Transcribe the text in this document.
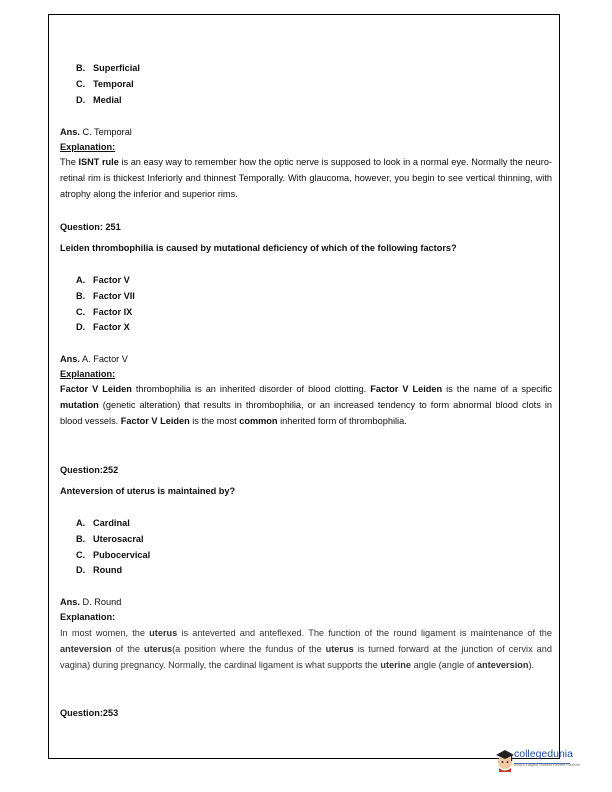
B. Superficial
C. Temporal
D. Medial
Ans. C. Temporal
Explanation:
The ISNT rule is an easy way to remember how the optic nerve is supposed to look in a normal eye. Normally the neuro-retinal rim is thickest Inferiorly and thinnest Temporally. With glaucoma, however, you begin to see vertical thinning, with atrophy along the inferior and superior rims.
Question: 251
Leiden thrombophilia is caused by mutational deficiency of which of the following factors?
A. Factor V
B. Factor VII
C. Factor IX
D. Factor X
Ans. A. Factor V
Explanation:
Factor V Leiden thrombophilia is an inherited disorder of blood clotting. Factor V Leiden is the name of a specific mutation (genetic alteration) that results in thrombophilia, or an increased tendency to form abnormal blood clots in blood vessels. Factor V Leiden is the most common inherited form of thrombophilia.
Question:252
Anteversion of uterus is maintained by?
A. Cardinal
B. Uterosacral
C. Pubocervical
D. Round
Ans. D. Round
Explanation:
In most women, the uterus is anteverted and anteflexed. The function of the round ligament is maintenance of the anteversion of the uterus(a position where the fundus of the uterus is turned forward at the junction of cervix and vagina) during pregnancy. Normally, the cardinal ligament is what supports the uterine angle (angle of anteversion).
Question:253
collegedunia
India's Largest Student Review Platform
